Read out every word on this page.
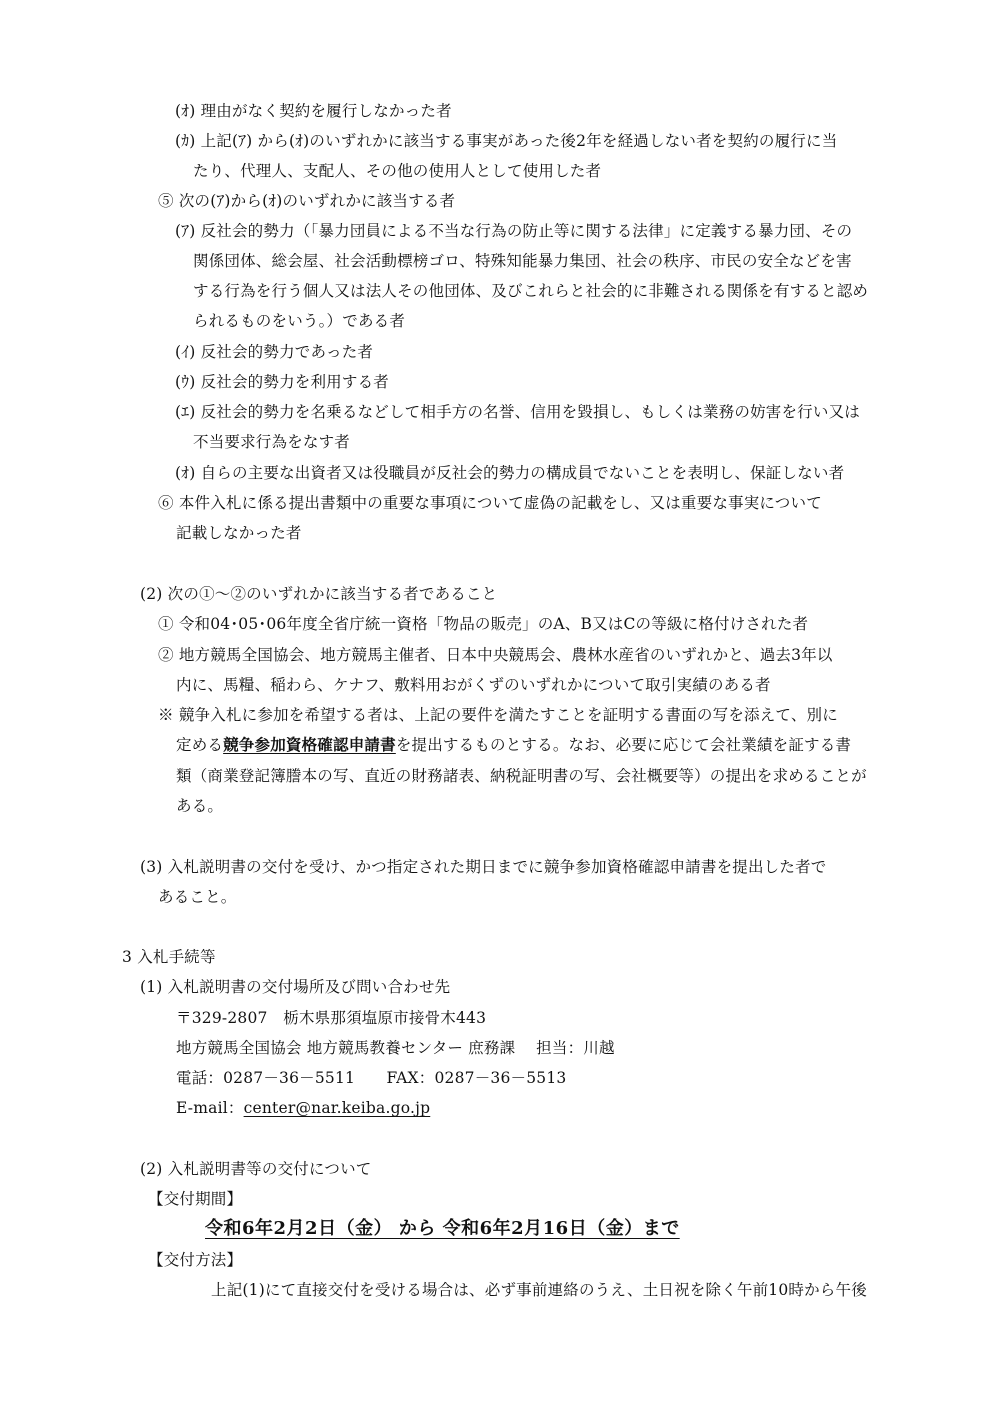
(ｵ) 理由がなく契約を履行しなかった者
(ｶ) 上記(ｱ) から(ｵ)のいずれかに該当する事実があった後2年を経過しない者を契約の履行に当
たり、代理人、支配人、その他の使用人として使用した者
⑤ 次の(ｱ)から(ｵ)のいずれかに該当する者
(ｱ) 反社会的勢力（「暴力団員による不当な行為の防止等に関する法律」に定義する暴力団、その
関係団体、総会屋、社会活動標榜ゴロ、特殊知能暴力集団、社会の秩序、市民の安全などを害
する行為を行う個人又は法人その他団体、及びこれらと社会的に非難される関係を有すると認め
られるものをいう。）である者
(ｲ) 反社会的勢力であった者
(ｳ) 反社会的勢力を利用する者
(ｴ) 反社会的勢力を名乗るなどして相手方の名誉、信用を毀損し、もしくは業務の妨害を行い又は
不当要求行為をなす者
(ｵ) 自らの主要な出資者又は役職員が反社会的勢力の構成員でないことを表明し、保証しない者
⑥ 本件入札に係る提出書類中の重要な事項について虚偽の記載をし、又は重要な事実について
記載しなかった者
(2) 次の①～②のいずれかに該当する者であること
① 令和04･05･06年度全省庁統一資格「物品の販売」のA、B又はCの等級に格付けされた者
② 地方競馬全国協会、地方競馬主催者、日本中央競馬会、農林水産省のいずれかと、過去3年以
内に、馬糧、稲わら、ケナフ、敷料用おがくずのいずれかについて取引実績のある者
※ 競争入札に参加を希望する者は、上記の要件を満たすことを証明する書面の写を添えて、別に
定める競争参加資格確認申請書を提出するものとする。なお、必要に応じて会社業績を証する書
類（商業登記簿謄本の写、直近の財務諸表、納税証明書の写、会社概要等）の提出を求めることが
ある。
(3) 入札説明書の交付を受け、かつ指定された期日までに競争参加資格確認申請書を提出した者で
あること。
3 入札手続等
(1) 入札説明書の交付場所及び問い合わせ先
〒329-2807　栃木県那須塩原市接骨木443
地方競馬全国協会 地方競馬教養センター 庶務課　 担当：川越
電話：0287－36－5511　　FAX：0287－36－5513
E-mail：center@nar.keiba.go.jp
(2) 入札説明書等の交付について
【交付期間】
令和6年2月2日（金） から 令和6年2月16日（金）まで
【交付方法】
上記(1)にて直接交付を受ける場合は、必ず事前連絡のうえ、土日祝を除く午前10時から午後
